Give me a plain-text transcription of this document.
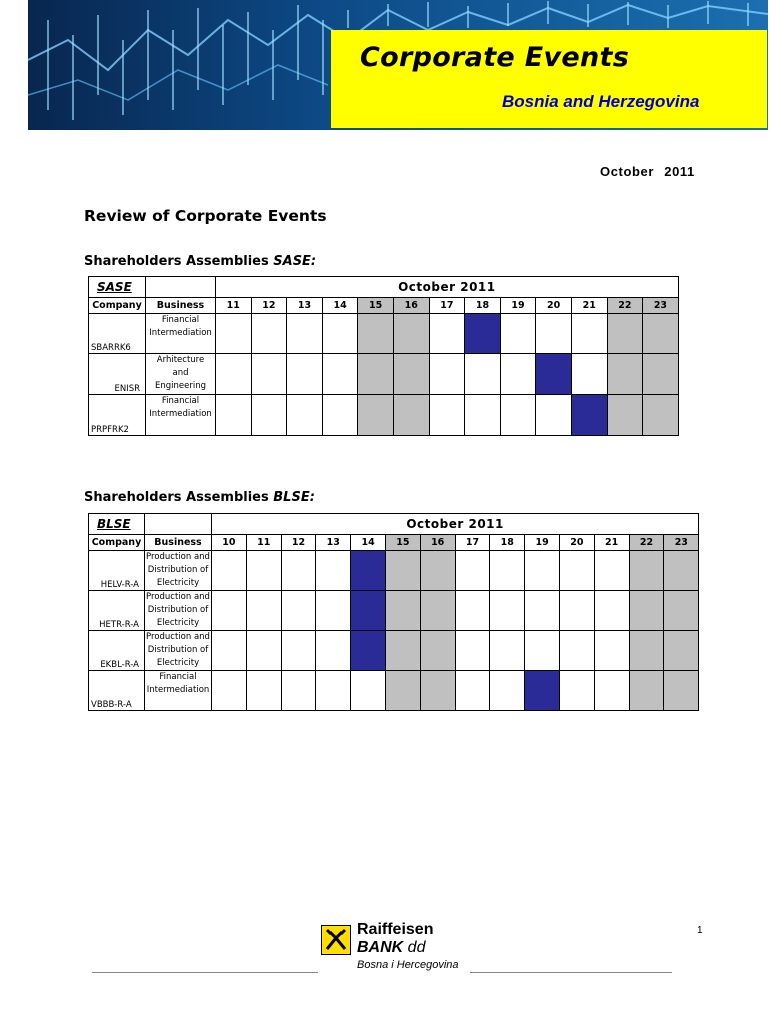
Corporate Events
Bosnia and Herzegovina
October 2011
Review of Corporate Events
Shareholders Assemblies SASE:
SASE		October 2011												
Company	Business	11	12	13	14	15	16	17	18	19	20	21	22	23
SBARRK6	Financial
Intermediation													

ENISR	Arhitecture
and
Engineering													

PRPFRK2	Financial
Intermediation													

Shareholders Assemblies BLSE:
BLSE		October 2011													
Company	Business	10	11	12	13	14	15	16	17	18	19	20	21	22	23
HELV-R-A	Production and
Distribution of
Electricity														

HETR-R-A	Production and
Distribution of
Electricity														

EKBL-R-A	Production and
Distribution of
Electricity														

VBBB-R-A	Financial
Intermediation														

1
Raiffeisen
BANK dd
Bosna i Hercegovina
